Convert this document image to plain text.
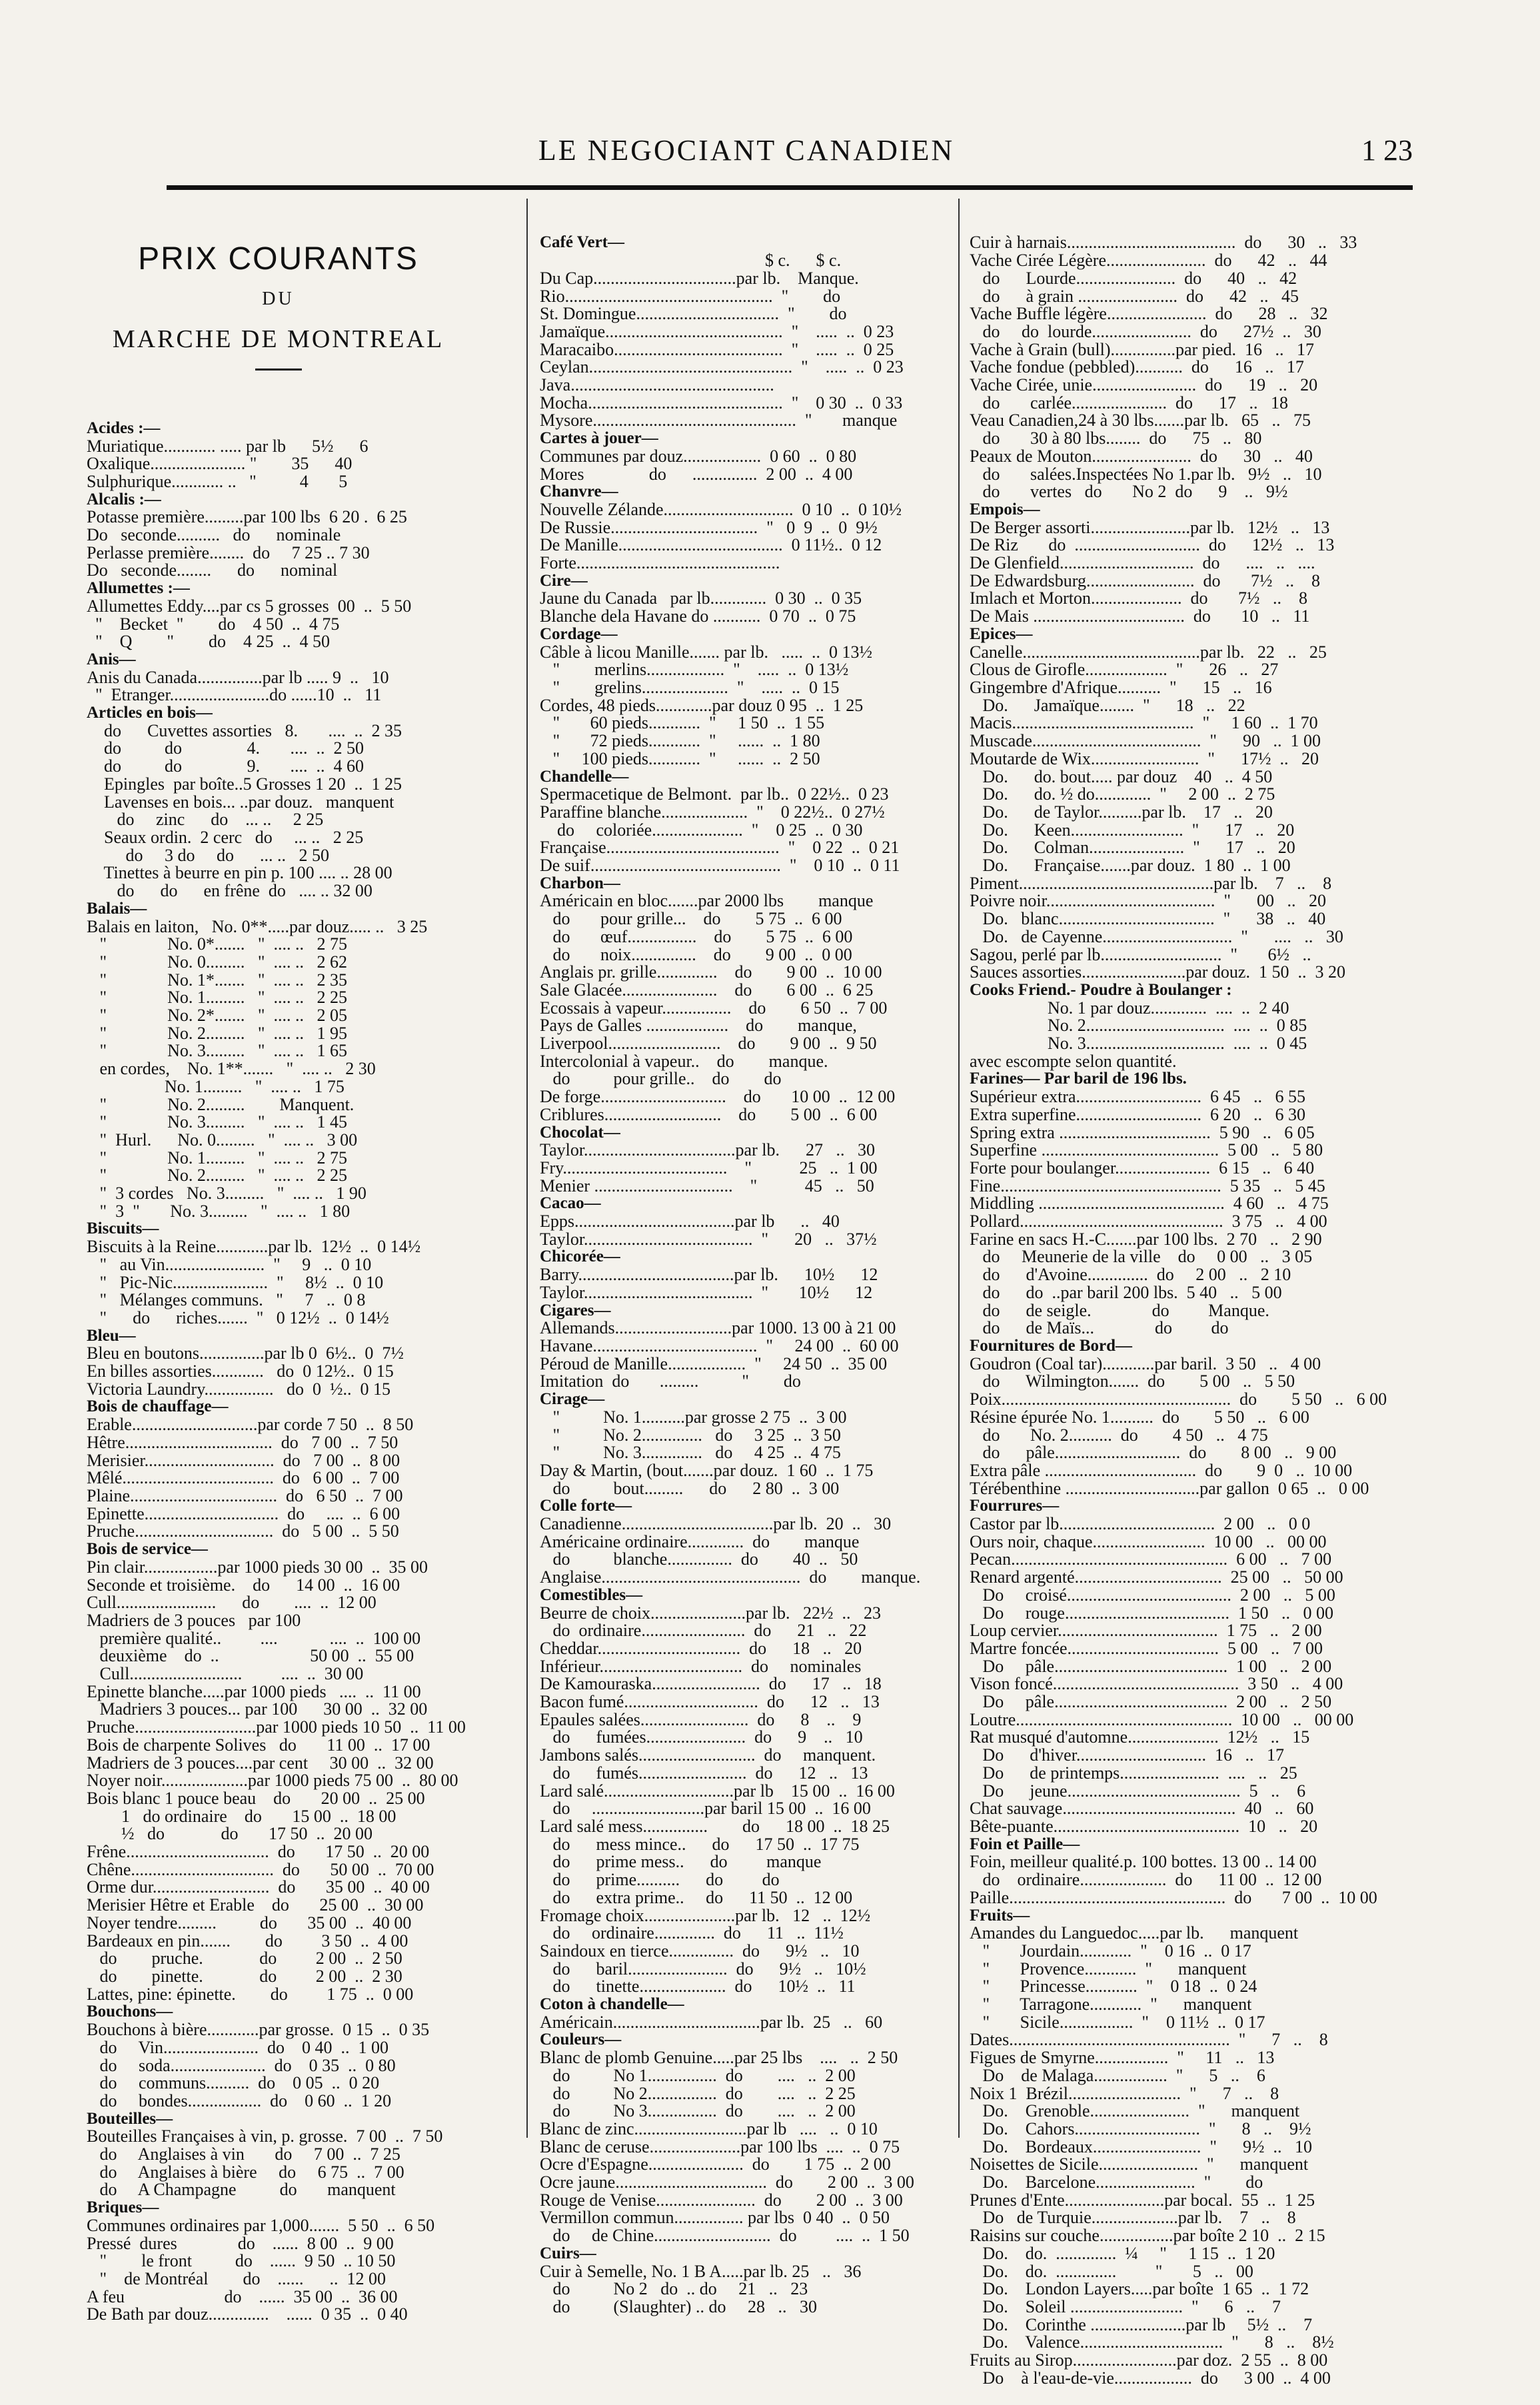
LE NEGOCIANT CANADIEN	1 23

PRIX COURANTS
DU
MARCHE DE MONTREAL

Acides :—
Muriatique............ ..... par lb      5½      6
Oxalique...................... "        35      40
Sulphurique............ ..   "          4       5
Alcalis :—
Potasse première.........par 100 lbs  6 20 .  6 25
Do   seconde..........   do      nominale
Perlasse première........  do     7 25 .. 7 30
Do   seconde........      do      nominal
Allumettes :—
Allumettes Eddy....par cs 5 grosses  00  ..  5 50
"    Becket  "        do    4 50  ..  4 75
"    Q        "        do    4 25  ..  4 50
Anis—
Anis du Canada...............par lb ..... 9  ..   10
"  Etranger.......................do ......10  ..   11
Articles en bois—
do      Cuvettes assorties   8.       ....  ..  2 35
do          do               4.       ....  ..  2 50
do          do               9.       ....  ..  4 60
Epingles  par boîte..5 Grosses 1 20  ..  1 25
Lavenses en bois... ..par douz.   manquent
do     zinc      do    ... ..     2 25
Seaux ordin.  2 cerc   do     ... ..   2 25
do     3 do     do      ... ..   2 50
Tinettes à beurre en pin p. 100 .... .. 28 00
do      do      en frêne  do   .... .. 32 00
Balais—
Balais en laiton,   No. 0**.....par douz..... ..   3 25
"              No. 0*.......   "  .... ..   2 75
"              No. 0.........   "  .... ..   2 62
"              No. 1*.......   "  .... ..   2 35
"              No. 1.........   "  .... ..   2 25
"              No. 2*.......   "  .... ..   2 05
"              No. 2.........   "  .... ..   1 95
"              No. 3.........   "  .... ..   1 65
en cordes,    No. 1**.......   "  .... ..   2 30
No. 1.........   "  .... ..   1 75
"              No. 2.........        Manquent.
"              No. 3.........   "  .... ..   1 45
"  Hurl.      No. 0.........   "  .... ..   3 00
"              No. 1.........   "  .... ..   2 75
"              No. 2.........   "  .... ..   2 25
"  3 cordes   No. 3.........   "  .... ..   1 90
"  3  "       No. 3.........   "  .... ..   1 80
Biscuits—
Biscuits à la Reine............par lb.  12½  ..  0 14½
"   au Vin.......................  "     9   ..  0 10
"   Pic-Nic......................  "     8½  ..  0 10
"   Mélanges communs.   "     7   ..  0 8
"      do      riches.......  "   0 12½  ..  0 14½
Bleu—
Bleu en boutons...............par lb 0  6½..  0  7½
En billes assorties............   do  0 12½..  0 15
Victoria Laundry................   do  0  ½..  0 15
Bois de chauffage—
Erable.............................par corde 7 50  ..  8 50
Hêtre..................................  do   7 00  ..  7 50
Merisier..............................  do   7 00  ..  8 00
Mêlé...................................  do   6 00  ..  7 00
Plaine..................................  do   6 50  ..  7 00
Epinette...............................  do     ....  ..  6 00
Pruche................................  do   5 00  ..  5 50
Bois de service—
Pin clair.................par 1000 pieds 30 00  ..  35 00
Seconde et troisième.    do      14 00  ..  16 00
Cull.......................      do        ....  ..  12 00
Madriers de 3 pouces   par 100
première qualité..         ....            ....  ..  100 00
deuxième    do  ..                     50 00  ..  55 00
Cull..........................         ....  ..  30 00
Epinette blanche.....par 1000 pieds   ....  ..  11 00
Madriers 3 pouces... par 100      30 00  ..  32 00
Pruche............................par 1000 pieds 10 50  ..  11 00
Bois de charpente Solives   do       11 00  ..  17 00
Madriers de 3 pouces....par cent     30 00  ..  32 00
Noyer noir....................par 1000 pieds 75 00  ..  80 00
Bois blanc 1 pouce beau    do       20 00  ..  25 00
1   do ordinaire    do       15 00  ..  18 00
½   do             do       17 50  ..  20 00
Frêne.................................  do       17 50  ..  20 00
Chêne.................................  do       50 00  ..  70 00
Orme dur...........................  do       35 00  ..  40 00
Merisier Hêtre et Erable    do       25 00  ..  30 00
Noyer tendre.........          do       35 00  ..  40 00
Bardeaux en pin.......        do         3 50  ..  4 00
do        pruche.             do         2 00  ..  2 50
do        pinette.             do         2 00  ..  2 30
Lattes, pine: épinette.        do         1 75  ..  0 00
Bouchons—
Bouchons à bière............par grosse.  0 15  ..  0 35
do     Vin......................  do    0 40  ..  1 00
do     soda......................  do    0 35  ..  0 80
do     communs..........  do    0 05  ..  0 20
do     bondes.................  do    0 60  ..  1 20
Bouteilles—
Bouteilles Françaises à vin, p. grosse.  7 00  ..  7 50
do     Anglaises à vin       do     7 00  ..  7 25
do     Anglaises à bière     do     6 75  ..  7 00
do     A Champagne          do       manquent
Briques—
Communes ordinaires par 1,000.......  5 50  ..  6 50
Pressé  dures              do    ......  8 00  ..  9 00
"        le front          do    ......  9 50  .. 10 50
"    de Montréal        do    ......      ..  12 00
A feu                       do    ......  35 00  ..  36 00
De Bath par douz..............    ......  0 35  ..  0 40

Café Vert—
$ c.      $ c.
Du Cap.................................par lb.    Manque.
Rio................................................  "        do
St. Domingue.................................  "        do
Jamaïque.........................................  "    .....  ..  0 23
Maracaibo.......................................  "    .....  ..  0 25
Ceylan...............................................  "    .....  ..  0 23
Java...............................................
Mocha.............................................  "    0 30  ..  0 33
Mysore...............................................  "       manque
Cartes à jouer—
Communes par douz..................  0 60  ..  0 80
Mores               do      ...............  2 00  ..  4 00
Chanvre—
Nouvelle Zélande..............................  0 10  ..  0 10½
De Russie..................................  "   0  9  ..  0  9½
De Manille......................................  0 11½..  0 12
Forte...............................................
Cire—
Jaune du Canada   par lb.............  0 30  ..  0 35
Blanche dela Havane do ...........  0 70  ..  0 75
Cordage—
Câble à licou Manille....... par lb.   .....  ..  0 13½
"        merlins..................  "    .....  ..  0 13½
"        grelins....................  "    .....  ..  0 15
Cordes, 48 pieds.............par douz 0 95  ..  1 25
"       60 pieds............  "     1 50  ..  1 55
"       72 pieds............  "     ......  ..  1 80
"     100 pieds............  "     ......  ..  2 50
Chandelle—
Spermacetique de Belmont.  par lb..  0 22½..  0 23
Paraffine blanche....................  "    0 22½..  0 27½
do     coloriée.....................  "    0 25  ..  0 30
Française........................................  "    0 22  ..  0 21
De suif............................................  "    0 10  ..  0 11
Charbon—
Américain en bloc.......par 2000 lbs        manque
do       pour grille...    do        5 75  ..  6 00
do       œuf................    do        5 75  ..  6 00
do       noix...............    do        9 00  ..  0 00
Anglais pr. grille..............    do        9 00  ..  10 00
Sale Glacée......................    do        6 00  ..  6 25
Ecossais à vapeur................    do        6 50  ..  7 00
Pays de Galles ...................    do        manque,
Liverpool..........................    do        9 00  ..  9 50
Intercolonial à vapeur..    do        manque.
do          pour grille..    do        do
De forge.............................    do       10 00  ..  12 00
Criblures...........................    do        5 00  ..  6 00
Chocolat—
Taylor...................................par lb.      27   ..   30
Fry......................................    "           25   ..  1 00
Menier ................................    "           45   ..   50
Cacao—
Epps.....................................par lb      ..   40
Taylor.......................................  "      20   ..   37½
Chicorée—
Barry....................................par lb.      10½      12
Taylor.......................................  "       10½      12
Cigares—
Allemands...........................par 1000. 13 00 à 21 00
Havane......................................  "     24 00  ..  60 00
Péroud de Manille..................  "     24 50  ..  35 00
Imitation  do       .........          "        do
Cirage—
"          No. 1..........par grosse 2 75  ..  3 00
"          No. 2..............   do     3 25  ..  3 50
"          No. 3..............   do     4 25  ..  4 75
Day & Martin, (bout.......par douz.  1 60  ..  1 75
do          bout.........      do      2 80  ..  3 00
Colle forte—
Canadienne...................................par lb.  20  ..   30
Américaine ordinaire.............  do        manque
do          blanche...............  do        40  ..   50
Anglaise..............................................  do        manque.
Comestibles—
Beurre de choix......................par lb.   22½  ..   23
do  ordinaire........................  do      21   ..   22
Cheddar.................................  do      18   ..   20
Inférieur.................................  do     nominales
De Kamouraska.........................  do      17   ..   18
Bacon fumé...............................  do      12   ..   13
Epaules salées.........................  do      8    ..    9
do      fumées.......................  do      9    ..   10
Jambons salés...........................  do     manquent.
do      fumés.........................  do      12   ..   13
Lard salé..............................par lb    15 00  ..  16 00
do     ..........................par baril 15 00  ..  16 00
Lard salé mess...............        do      18 00  ..  18 25
do      mess mince..      do      17 50  ..  17 75
do      prime mess..      do         manque
do      prime..........      do         do
do      extra prime..     do      11 50  ..  12 00
Fromage choix.....................par lb.   12   ..  12½
do     ordinaire..............  do      11   ..  11½
Saindoux en tierce...............  do      9½   ..   10
do      baril.......................  do      9½   ..   10½
do      tinette....................  do      10½  ..   11
Coton à chandelle—
Américain..................................par lb.  25   ..   60
Couleurs—
Blanc de plomb Genuine.....par 25 lbs    ....   ..  2 50
do          No 1................  do        ....   ..  2 00
do          No 2................  do        ....   ..  2 25
do          No 3................  do        ....   ..  2 00
Blanc de zinc..........................par lb   ....   ..  0 10
Blanc de ceruse.....................par 100 lbs  ....  ..  0 75
Ocre d'Espagne......................  do        1 75  ..  2 00
Ocre jaune...................................  do        2 00  ..  3 00
Rouge de Venise.......................  do        2 00  ..  3 00
Vermillon commun................ par lbs  0 40  ..  0 50
do     de Chine...........................  do         ....  ..  1 50
Cuirs—
Cuir à Semelle, No. 1 B A.....par lb. 25   ..   36
do          No 2   do  .. do     21   ..   23
do          (Slaughter) .. do     28   ..   30

Cuir à harnais.......................................  do      30   ..   33
Vache Cirée Légère.......................  do      42   ..   44
do      Lourde.......................  do      40   ..   42
do      à grain .......................  do      42   ..   45
Vache Buffle légère.......................  do      28   ..   32
do     do  lourde.......................  do      27½  ..   30
Vache à Grain (bull)...............par pied.  16   ..   17
Vache fondue (pebbled)...........  do      16   ..   17
Vache Cirée, unie........................  do      19   ..   20
do       carlée......................  do      17   ..   18
Veau Canadien,24 à 30 lbs.......par lb.   65   ..   75
do       30 à 80 lbs........  do      75   ..   80
Peaux de Mouton.......................  do      30   ..   40
do       salées.Inspectées No 1.par lb.   9½   ..   10
do       vertes   do       No 2  do      9    ..   9½
Empois—
De Berger assorti.......................par lb.   12½   ..   13
De Riz       do  .............................  do      12½   ..   13
De Glenfield...............................  do      ....   ..   ....
De Edwardsburg.........................  do       7½   ..    8
Imlach et Morton.....................  do       7½   ..    8
De Mais ...................................  do       10   ..   11
Epices—
Canelle.........................................par lb.   22   ..   25
Clous de Girofle...................  "      26   ..   27
Gingembre d'Afrique..........  "      15   ..   16
Do.      Jamaïque........  "      18   ..   22
Macis..........................................  "     1 60  ..  1 70
Muscade.......................................  "      90   ..  1 00
Moutarde de Wix.........................  "      17½  ..   20
Do.      do. bout..... par douz    40   ..  4 50
Do.      do. ½ do.............  "     2 00  ..  2 75
Do.      de Taylor..........par lb.    17   ..   20
Do.      Keen..........................  "      17   ..   20
Do.      Colman......................  "      17   ..   20
Do.      Française.......par douz.  1 80  ..  1 00
Piment.............................................par lb.    7   ..    8
Poivre noir.......................................  "      00   ..   20
Do.   blanc....................................  "      38   ..   40
Do.   de Cayenne..............................  "      ....   ..   30
Sagou, perlé par lb............................  "       6½   ..
Sauces assorties........................par douz.  1 50  ..  3 20
Cooks Friend.- Poudre à Boulanger :
No. 1 par douz.............  ....  ..  2 40
No. 2................................  ....  ..  0 85
No. 3................................  ....  ..  0 45
avec escompte selon quantité.
Farines— Par baril de 196 lbs.
Supérieur extra.............................  6 45   ..   6 55
Extra superfine.............................  6 20   ..   6 30
Spring extra ...................................  5 90   ..   6 05
Superfine .........................................  5 00   ..   5 80
Forte pour boulanger......................  6 15   ..   6 40
Fine...................................................  5 35   ..   5 45
Middling ...........................................  4 60   ..   4 75
Pollard...............................................  3 75   ..   4 00
Farine en sacs H.-C.......par 100 lbs.  2 70   ..   2 90
do     Meunerie de la ville    do     0 00   ..   3 05
do      d'Avoine..............  do     2 00   ..   2 10
do      do  ..par baril 200 lbs.  5 40   ..   5 00
do      de seigle.              do         Manque.
do      de Maïs...              do         do
Fournitures de Bord—
Goudron (Coal tar)............par baril.  3 50   ..   4 00
do      Wilmington.......  do        5 00   ..   5 50
Poix.....................................................  do        5 50   ..   6 00
Résine épurée No. 1..........  do        5 50   ..   6 00
do       No. 2..........  do        4 50   ..   4 75
do      pâle.............................  do        8 00   ..   9 00
Extra pâle ...................................  do        9  0   ..  10 00
Térébenthine ...............................par gallon  0 65  ..   0 00
Fourrures—
Castor par lb....................................  2 00   ..   0 0
Ours noir, chaque..........................  10 00   ..   00 00
Pecan..................................................  6 00   ..   7 00
Renard argenté..................................  25 00   ..   50 00
Do     croisé......................................  2 00   ..   5 00
Do     rouge......................................  1 50   ..   0 00
Loup cervier.....................................  1 75   ..   2 00
Martre foncée...................................  5 00   ..   7 00
Do     pâle........................................  1 00   ..   2 00
Vison foncé...........................................  3 50   ..   4 00
Do     pâle........................................  2 00   ..   2 50
Loutre..................................................  10 00   ..   00 00
Rat musqué d'automne.....................  12½   ..   15
Do      d'hiver..............................  16   ..   17
Do      de printemps.......................  ....   ..   25
Do      jeune........................................  5   ..    6
Chat sauvage........................................  40   ..   60
Bête-puante...........................................  10   ..   20
Foin et Paille—
Foin, meilleur qualité.p. 100 bottes. 13 00 .. 14 00
do    ordinaire....................  do      11 00  ..  12 00
Paille..................................................  do       7 00  ..  10 00
Fruits—
Amandes du Languedoc.....par lb.      manquent
"       Jourdain............  "    0 16  ..  0 17
"       Provence............  "      manquent
"       Princesse............  "    0 18  ..  0 24
"       Tarragone............  "      manquent
"       Sicile.................  "    0 11½  ..  0 17
Dates...................................................  "      7   ..    8
Figues de Smyrne.................  "     11   ..   13
Do    de Malaga.................  "      5   ..    6
Noix 1  Brézil..........................  "      7   ..    8
Do.    Grenoble.......................  "      manquent
Do.    Cahors.............................  "      8   ..    9½
Do.    Bordeaux.........................  "      9½  ..   10
Noisettes de Sicile.......................  "      manquent
Do.    Barcelone.......................  "        do
Prunes d'Ente.......................par bocal.  55  ..  1 25
Do   de Turquie....................par lb.    7   ..    8
Raisins sur couche.................par boîte 2 10  ..  2 15
Do.    do.  ..............  ¼     "     1 15  ..  1 20
Do.    do.  ..............         "       5   ..   00
Do.    London Layers.....par boîte  1 65  ..  1 72
Do.    Soleil ..........................  "      6   ..    7
Do.    Corinthe ......................par lb     5½  ..    7
Do.    Valence.................................  "      8   ..    8½
Fruits au Sirop........................par doz.  2 55  ..  8 00
Do    à l'eau-de-vie..................  do      3 00  ..  4 00
